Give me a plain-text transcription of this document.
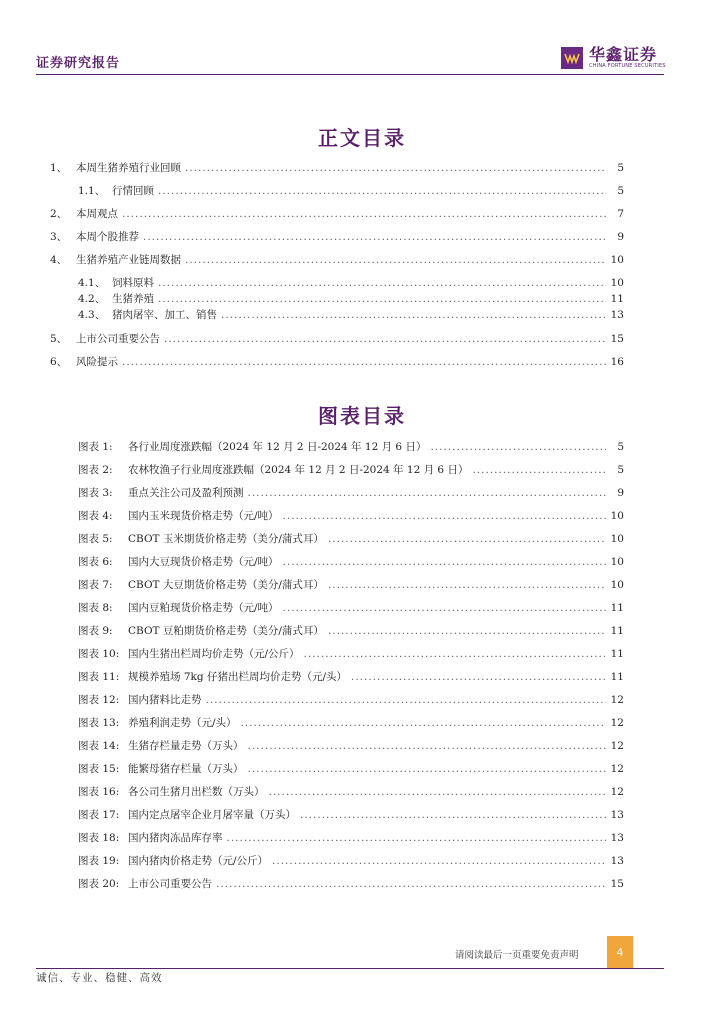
证券研究报告	华鑫证券
CHINA FORTUNE SECURITIES
正文目录
1、 本周生猪养殖行业回顾 .....	5
1.1、 行情回顾 .....	5
2、 本周观点 .....	7
3、 本周个股推荐 .....	9
4、 生猪养殖产业链周数据 .....	10
4.1、 饲料原料 .....	10
4.2、 生猪养殖 .....	11
4.3、 猪肉屠宰、加工、销售 .....	13
5、 上市公司重要公告 .....	15
6、 风险提示 .....	16
图表目录
图表 1:	各行业周度涨跌幅（2024 年 12 月 2 日-2024 年 12 月 6 日） .....	5
图表 2:	农林牧渔子行业周度涨跌幅（2024 年 12 月 2 日-2024 年 12 月 6 日） .....	5
图表 3:	重点关注公司及盈利预测 .....	9
图表 4:	国内玉米现货价格走势（元/吨） .....	10
图表 5:	CBOT 玉米期货价格走势（美分/蒲式耳） .....	10
图表 6:	国内大豆现货价格走势（元/吨） .....	10
图表 7:	CBOT 大豆期货价格走势（美分/蒲式耳） .....	10
图表 8:	国内豆粕现货价格走势（元/吨） .....	11
图表 9:	CBOT 豆粕期货价格走势（美分/蒲式耳） .....	11
图表 10: 国内生猪出栏周均价走势（元/公斤） .....	11
图表 11: 规模养殖场 7kg 仔猪出栏周均价走势（元/头） .....	11
图表 12: 国内猪料比走势 .....	12
图表 13: 养殖利润走势（元/头） .....	12
图表 14: 生猪存栏量走势（万头） .....	12
图表 15: 能繁母猪存栏量（万头） .....	12
图表 16: 各公司生猪月出栏数（万头） .....	12
图表 17: 国内定点屠宰企业月屠宰量（万头） .....	13
图表 18: 国内猪肉冻品库存率 .....	13
图表 19: 国内猪肉价格走势（元/公斤） .....	13
图表 20: 上市公司重要公告 .....	15
请阅读最后一页重要免责声明	4
诚信、专业、稳健、高效
